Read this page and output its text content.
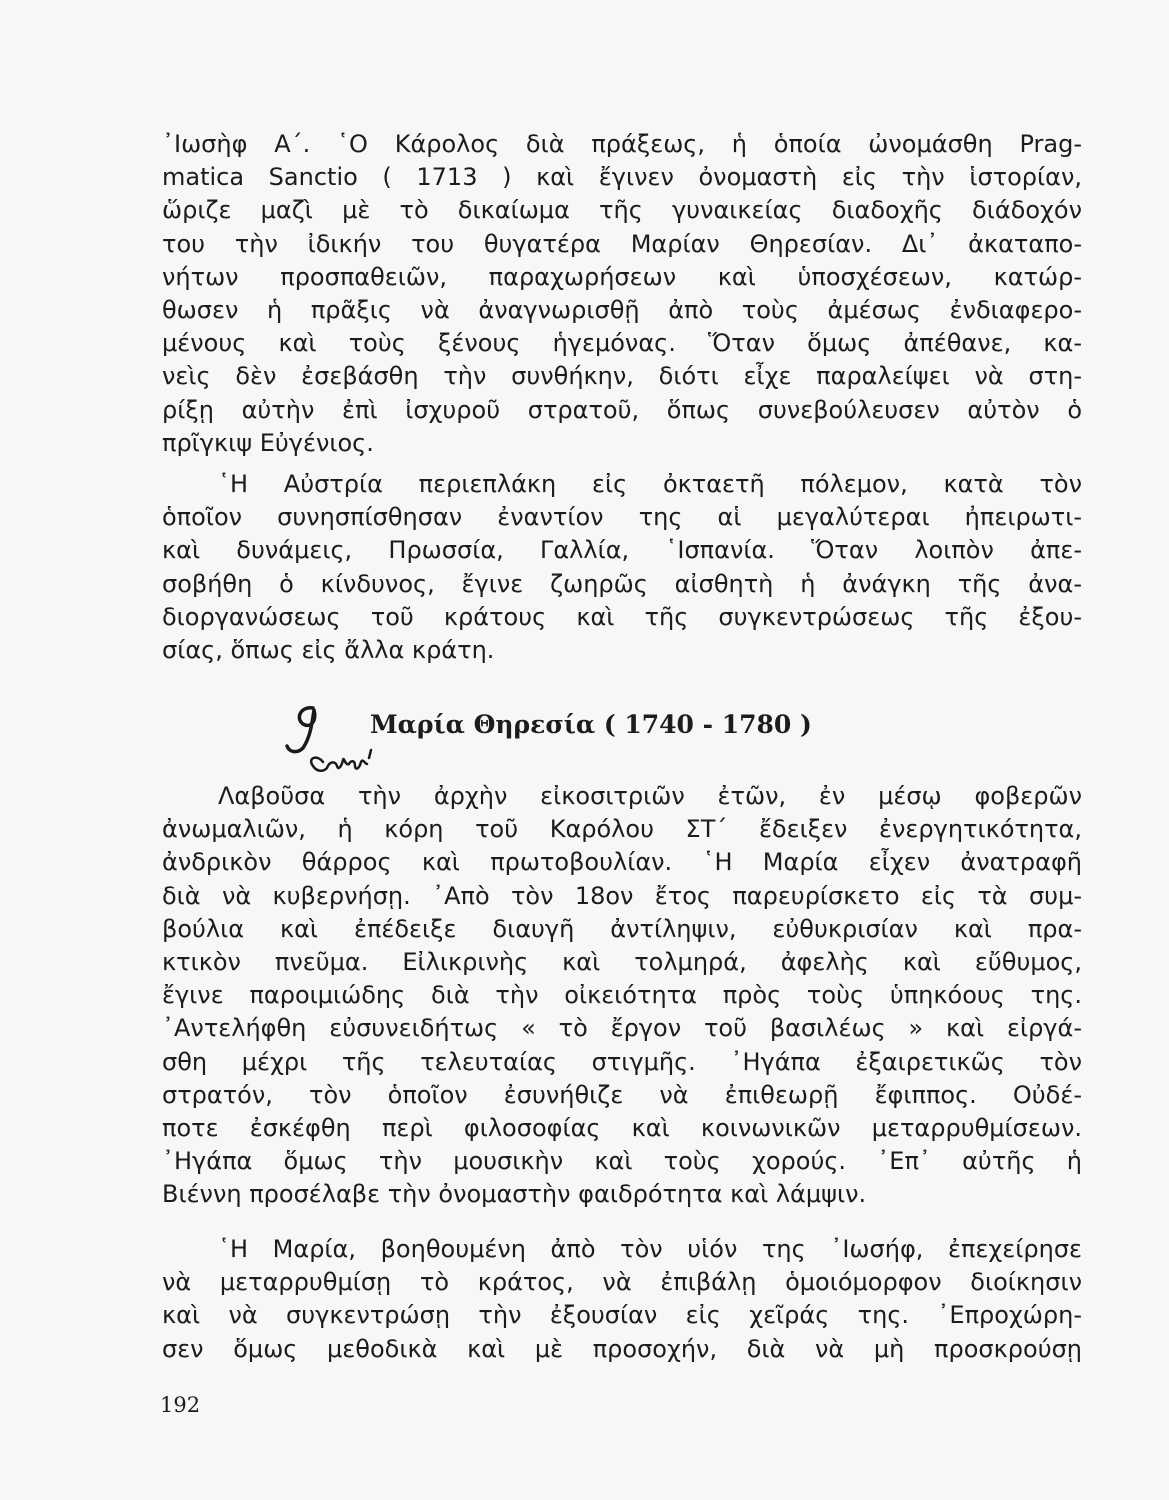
᾿Ιωσὴφ Α΄. ῾Ο Κάρολος διὰ πράξεως, ἡ ὁποία ὠνομάσθη Prag-
matica Sanctio ( 1713 ) καὶ ἔγινεν ὀνομαστὴ εἰς τὴν ἱστορίαν,
ὥριζε μαζὶ μὲ τὸ δικαίωμα τῆς γυναικείας διαδοχῆς διάδοχόν
του τὴν ἰδικήν του θυγατέρα Μαρίαν Θηρεσίαν. Δι᾿ ἀκαταπο-
νήτων προσπαθειῶν, παραχωρήσεων καὶ ὑποσχέσεων, κατώρ-
θωσεν ἡ πρᾶξις νὰ ἀναγνωρισθῇ ἀπὸ τοὺς ἀμέσως ἐνδιαφερο-
μένους καὶ τοὺς ξένους ἡγεμόνας. Ὅταν ὅμως ἀπέθανε, κα-
νεὶς δὲν ἐσεβάσθη τὴν συνθήκην, διότι εἶχε παραλείψει νὰ στη-
ρίξῃ αὐτὴν ἐπὶ ἰσχυροῦ στρατοῦ, ὅπως συνεβούλευσεν αὐτὸν ὁ
πρῖγκιψ Εὐγένιος.
῾Η Αὐστρία περιεπλάκη εἰς ὀκταετῆ πόλεμον, κατὰ τὸν
ὁποῖον συνησπίσθησαν ἐναντίον της αἱ μεγαλύτεραι ἠπειρωτι-
καὶ δυνάμεις, Πρωσσία, Γαλλία, ῾Ισπανία. Ὅταν λοιπὸν ἀπε-
σοβήθη ὁ κίνδυνος, ἔγινε ζωηρῶς αἰσθητὴ ἡ ἀνάγκη τῆς ἀνα-
διοργανώσεως τοῦ κράτους καὶ τῆς συγκεντρώσεως τῆς ἐξου-
σίας, ὅπως εἰς ἄλλα κράτη.
Μαρία Θηρεσία ( 1740 - 1780 )
Λαβοῦσα τὴν ἀρχὴν εἰκοσιτριῶν ἐτῶν, ἐν μέσῳ φοβερῶν
ἀνωμαλιῶν, ἡ κόρη τοῦ Καρόλου ΣΤ΄ ἔδειξεν ἐνεργητικότητα,
ἀνδρικὸν θάρρος καὶ πρωτοβουλίαν. ῾Η Μαρία εἶχεν ἀνατραφῆ
διὰ νὰ κυβερνήσῃ. ᾿Απὸ τὸν 18ον ἔτος παρευρίσκετο εἰς τὰ συμ-
βούλια καὶ ἐπέδειξε διαυγῆ ἀντίληψιν, εὐθυκρισίαν καὶ πρα-
κτικὸν πνεῦμα. Εἰλικρινὴς καὶ τολμηρά, ἀφελὴς καὶ εὔθυμος,
ἔγινε παροιμιώδης διὰ τὴν οἰκειότητα πρὸς τοὺς ὑπηκόους της.
᾿Αντελήφθη εὐσυνειδήτως « τὸ ἔργον τοῦ βασιλέως » καὶ εἰργά-
σθη μέχρι τῆς τελευταίας στιγμῆς. ᾿Ηγάπα ἐξαιρετικῶς τὸν
στρατόν, τὸν ὁποῖον ἐσυνήθιζε νὰ ἐπιθεωρῇ ἔφιππος. Οὐδέ-
ποτε ἐσκέφθη περὶ φιλοσοφίας καὶ κοινωνικῶν μεταρρυθμίσεων.
᾿Ηγάπα ὅμως τὴν μουσικὴν καὶ τοὺς χορούς. ᾿Επ᾿ αὐτῆς ἡ
Βιέννη προσέλαβε τὴν ὀνομαστὴν φαιδρότητα καὶ λάμψιν.
῾Η Μαρία, βοηθουμένη ἀπὸ τὸν υἱόν της ᾿Ιωσήφ, ἐπεχείρησε
νὰ μεταρρυθμίσῃ τὸ κράτος, νὰ ἐπιβάλῃ ὁμοιόμορφον διοίκησιν
καὶ νὰ συγκεντρώσῃ τὴν ἐξουσίαν εἰς χεῖράς της. ᾿Επροχώρη-
σεν ὅμως μεθοδικὰ καὶ μὲ προσοχήν, διὰ νὰ μὴ προσκρούσῃ
192
